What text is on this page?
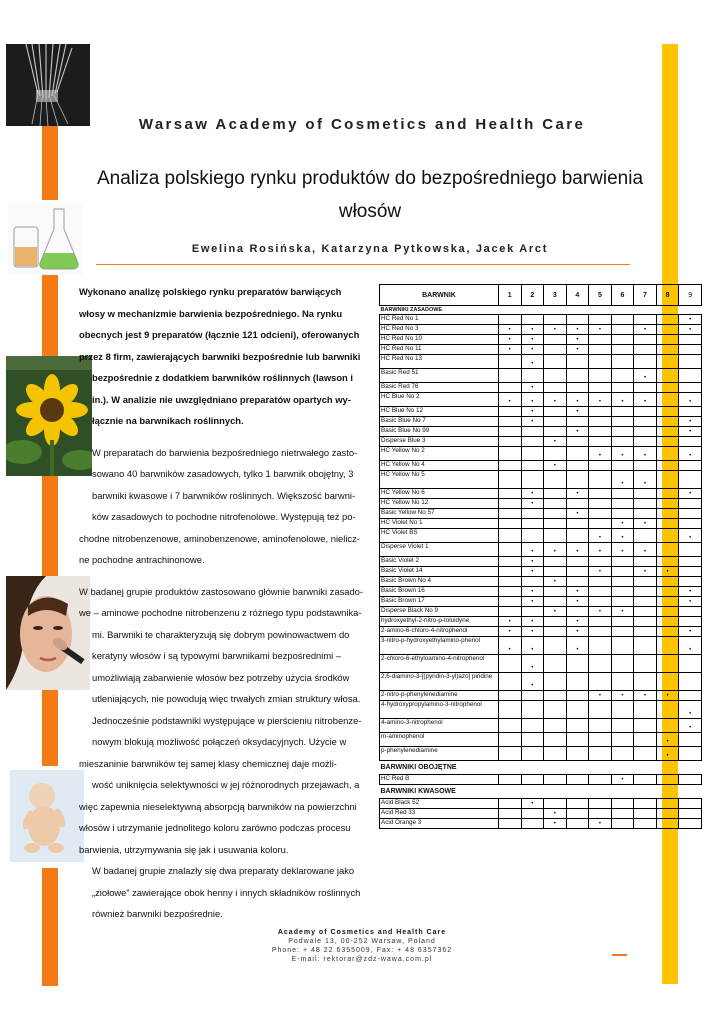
Warsaw Academy of Cosmetics and Health Care
Analiza polskiego rynku produktów do bezpośredniego barwienia włosów
Ewelina Rosińska, Katarzyna Pytkowska, Jacek Arct

Wykonano analizę polskiego rynku preparatów barwiących

włosy w mechanizmie barwienia bezpośredniego. Na rynku

obecnych jest 9 preparatów (łącznie 121 odcieni), oferowanych

przez 8 firm, zawierających barwniki bezpośrednie lub barwniki

bezpośrednie z dodatkiem barwników roślinnych (lawson i

in.). W analizie nie uwzględniano preparatów opartych wy-

łącznie na barwnikach roślinnych.

W preparatach do barwienia bezpośredniego nietrwałego zasto-

sowano 40 barwników zasadowych, tylko 1 barwnik obojętny, 3

barwniki kwasowe i 7 barwników roślinnych. Większość barwni-

ków zasadowych to pochodne nitrofenolowe. Występują też po-

chodne nitrobenzenowe, aminobenzenowe, aminofenolowe, nielicz-

ne pochodne antrachinonowe.

W badanej grupie produktów zastosowano głównie barwniki zasado-

we – aminowe pochodne nitrobenzenu z różnego typu podstawnika-

mi. Barwniki te charakteryzują się dobrym powinowactwem do

keratyny włosów i są typowymi barwnikami bezpośrednimi –

umożliwiają zabarwienie włosów bez potrzeby użycia środków

utleniających, nie powodują więc trwałych zmian struktury włosa.

Jednocześnie podstawniki występujące w pierścieniu nitrobenze-

nowym blokują możliwość połączeń oksydacyjnych. Użycie w

mieszaninie barwników tej samej klasy chemicznej daje możli-

wość uniknięcia selektywności w jej różnorodnych przejawach, a

więc zapewnia nieselektywną absorpcją barwników na powierzchni

włosów i utrzymanie jednolitego koloru zarówno podczas procesu

barwienia, utrzymywania się jak i usuwania koloru.

W badanej grupie znalazły się dwa preparaty deklarowane jako

„ziołowe” zawierające obok henny i innych składników roślinnych

również barwniki bezpośrednie.

BARWNIK	1	2	3	4	5	6	7	8	9
BARWNIKI ZASADOWE									
HC Red No 1									•
HC Red No 3	•	•	•	•	•		•		•
HC Red No 10	•	•		•					
HC Red No 11	•	•		•					
HC Red No 13		•							
Basic Red 51							•		
Basic Red 76		•							
HC Blue No 2	•	•	•	•	•	•	•		•
HC Blue No 12		•		•					
Basic Blue No 7		•							•
Basic Blue No 99				•					•
Disperse Blue 3			•						
HC Yellow No 2					•	•	•		•
HC Yellow No 4			•						
HC Yellow No 5						•	•		
HC Yellow No 6		•		•					•
HC Yellow No 12		•							
Basic Yellow No 57				•					
HC Violet No 1						•	•		
HC Violet BS					•	•			•
Disperse Violet 1		•	•	•	•	•	•		
Basic Violet 2		•							
Basic Violet 14		•			•		•	•	
Basic Brown No 4			•						
Basic Brown 16		•		•					•
Basic Brown 17		•		•					•
Disperse Black No 9			•		•	•			
hydroxyethyl-2-nitro-p-toluidyne	•	•		•					
2-amino-6-chloro-4-nitrophenol	•	•		•					•
3-nitro-p-hydroxyethylamino-phenol	•	•		•					•
2-chloro-6-ethyloamino-4-nitrophenol		•							
2,6-diamino-3-[(pyridin-3-yl)azo] piridine		•							
2-nitro-p-phenylenediamine					•	•	•	•	
4-hydroxypropylamino-3-nitrophenol									•
4-amino-3-nitrophenol									•
m-aminophenol								•	
p-phenylenediamine								•	
BARWNIKI OBOJĘTNE									
HC Red B						•			
BARWNIKI KWASOWE									
Acid Black 52		•							
Acid Red 33			•						
Acid Orange 3			•		•				
Academy of Cosmetics and Health Care
Podwale 13, 00-252 Warsaw, Poland
Phone: + 48 22 6355009, Fax: + 48 6357362
E-mail: rektorar@zdz-wawa.com.pl
